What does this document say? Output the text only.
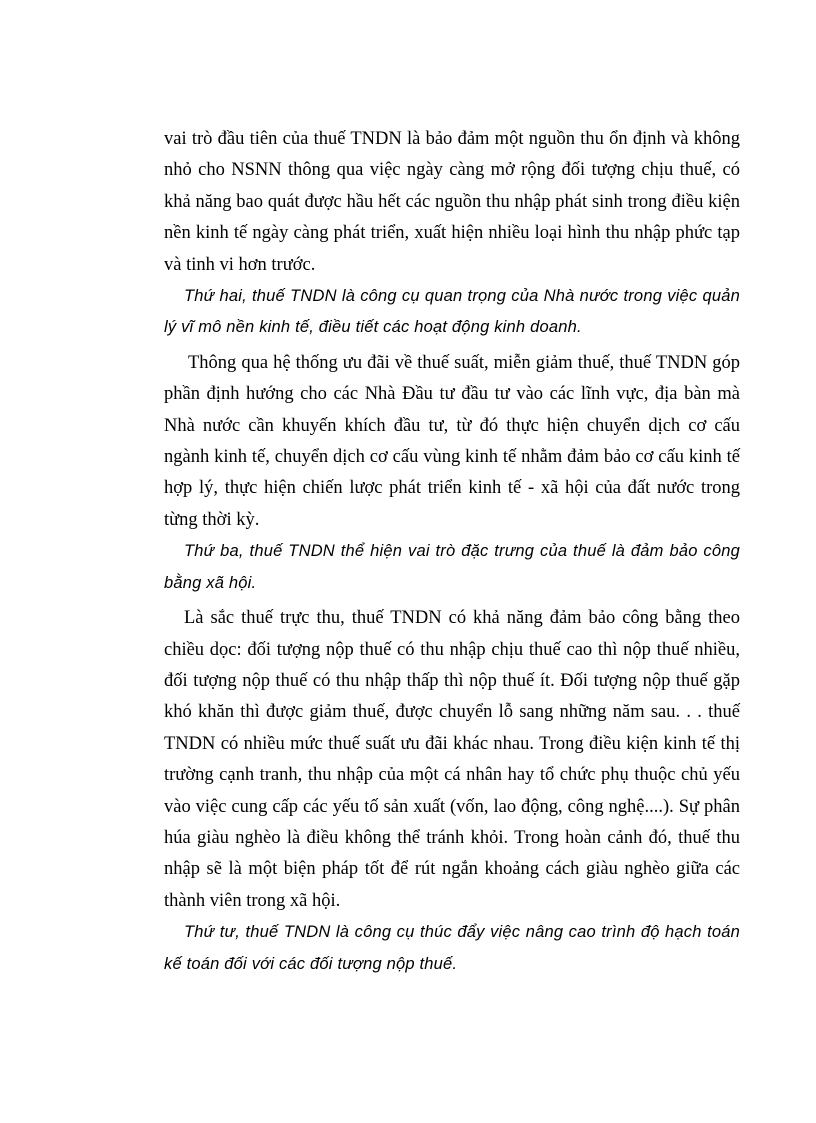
vai trò đầu tiên của thuế TNDN là bảo đảm một nguồn thu ổn định và không nhỏ cho NSNN thông qua việc ngày càng mở rộng đối tượng chịu thuế, có khả năng bao quát được hầu hết các nguồn thu nhập phát sinh trong điều kiện nền kinh tế ngày càng phát triển, xuất hiện nhiều loại hình thu nhập phức tạp và tinh vi hơn trước.

Thứ hai, thuế TNDN là công cụ quan trọng của Nhà nước trong việc quản lý vĩ mô nền kinh tế, điều tiết các hoạt động kinh doanh.

Thông qua hệ thống ưu đãi về thuế suất, miễn giảm thuế, thuế TNDN góp phần định hướng cho các Nhà Đầu tư đầu tư vào các lĩnh vực, địa bàn mà Nhà nước cần khuyến khích đầu tư, từ đó thực hiện chuyển dịch cơ cấu ngành kinh tế, chuyển dịch cơ cấu vùng kinh tế nhằm đảm bảo cơ cấu kinh tế hợp lý, thực hiện chiến lược phát triển kinh tế - xã hội của đất nước trong từng thời kỳ.

Thứ ba, thuế TNDN thể hiện vai trò đặc trưng của thuế là đảm bảo công bằng xã hội.

Là sắc thuế trực thu, thuế TNDN có khả năng đảm bảo công bằng theo chiều dọc: đối tượng nộp thuế có thu nhập chịu thuế cao thì nộp thuế nhiều, đối tượng nộp thuế có thu nhập thấp thì nộp thuế ít. Đối tượng nộp thuế gặp khó khăn thì được giảm thuế, được chuyển lỗ sang những năm sau. . . thuế TNDN có nhiều mức thuế suất ưu đãi khác nhau. Trong điều kiện kinh tế thị trường cạnh tranh, thu nhập của một cá nhân hay tổ chức phụ thuộc chủ yếu vào việc cung cấp các yếu tố sản xuất (vốn, lao động, công nghệ....). Sự phân húa giàu nghèo là điều không thể tránh khỏi. Trong hoàn cảnh đó, thuế thu nhập sẽ là một biện pháp tốt để rút ngắn khoảng cách giàu nghèo giữa các thành viên trong xã hội.

Thứ tư, thuế TNDN là công cụ thúc đẩy việc nâng cao trình độ hạch toán kế toán đối với các đối tượng nộp thuế.
